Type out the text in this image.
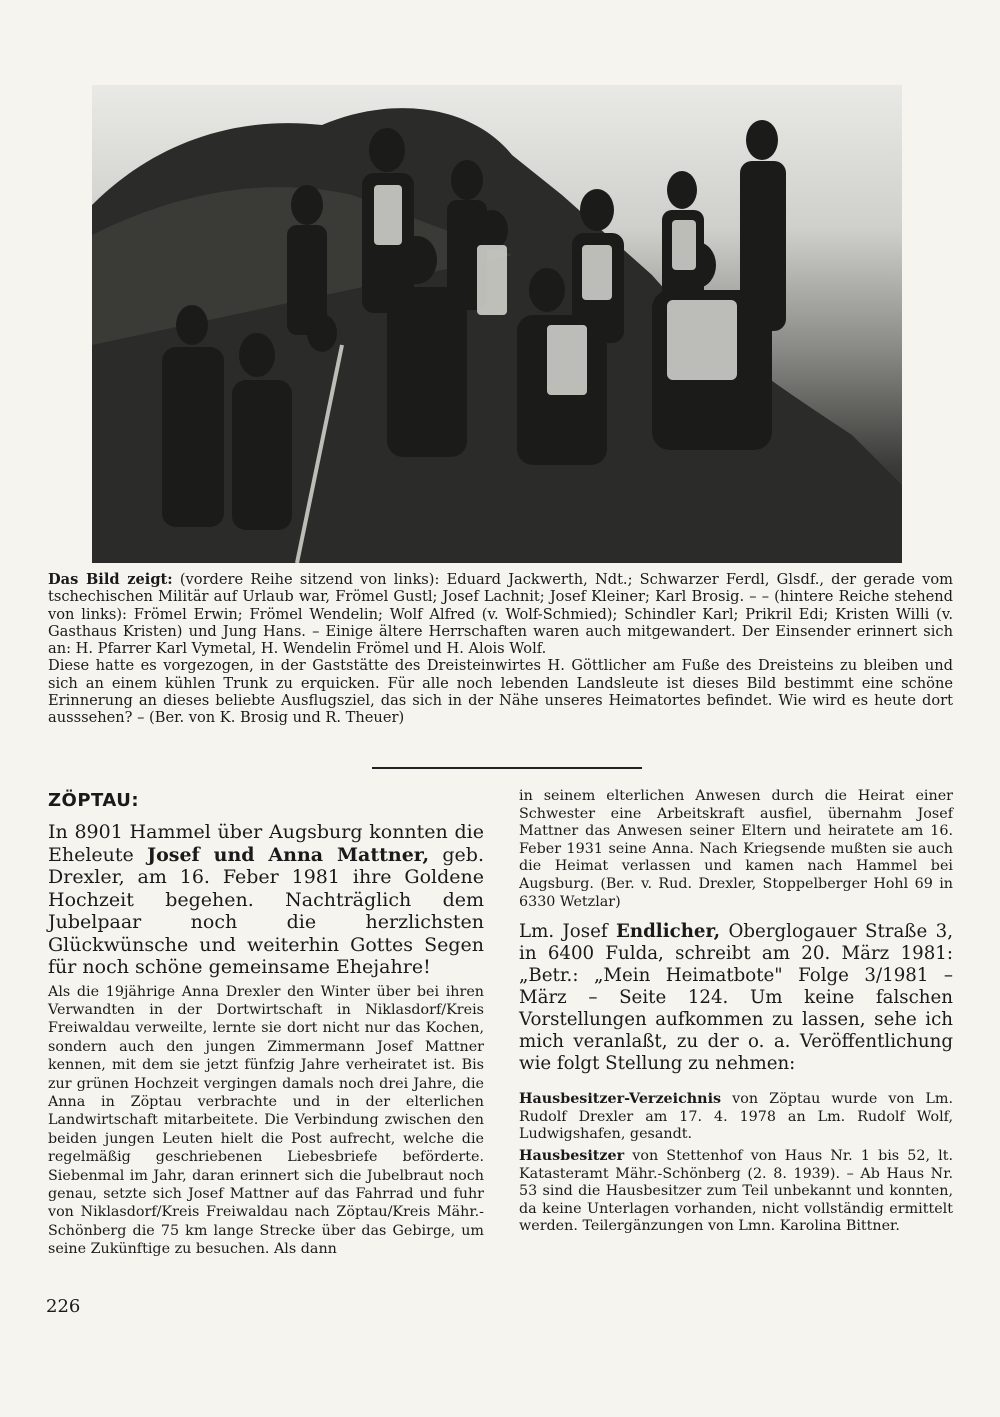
Das Bild zeigt: (vordere Reihe sitzend von links): Eduard Jackwerth, Ndt.; Schwarzer Ferdl, Glsdf., der gerade vom tschechischen Militär auf Urlaub war, Frömel Gustl; Josef Lachnit; Josef Kleiner; Karl Brosig. – – (hintere Reiche stehend von links): Frömel Erwin; Frömel Wendelin; Wolf Alfred (v. Wolf-Schmied); Schindler Karl; Prikril Edi; Kristen Willi (v. Gasthaus Kristen) und Jung Hans. – Einige ältere Herrschaften waren auch mitgewandert. Der Einsender erinnert sich an: H. Pfarrer Karl Vymetal, H. Wendelin Frömel und H. Alois Wolf.
Diese hatte es vorgezogen, in der Gaststätte des Dreisteinwirtes H. Göttlicher am Fuße des Dreisteins zu bleiben und sich an einem kühlen Trunk zu erquicken. Für alle noch lebenden Landsleute ist dieses Bild bestimmt eine schöne Erinnerung an dieses beliebte Ausflugsziel, das sich in der Nähe unseres Heimatortes befindet. Wie wird es heute dort ausssehen? – (Ber. von K. Brosig und R. Theuer)
ZÖPTAU:

In 8901 Hammel über Augsburg konnten die Eheleute Josef und Anna Mattner, geb. Drexler, am 16. Feber 1981 ihre Goldene Hochzeit begehen. Nachträglich dem Jubelpaar noch die herzlichsten Glückwünsche und weiterhin Gottes Segen für noch schöne gemeinsame Ehejahre!

Als die 19jährige Anna Drexler den Winter über bei ihren Verwandten in der Dortwirtschaft in Niklasdorf/Kreis Freiwaldau verweilte, lernte sie dort nicht nur das Kochen, sondern auch den jungen Zimmermann Josef Mattner kennen, mit dem sie jetzt fünfzig Jahre verheiratet ist. Bis zur grünen Hochzeit vergingen damals noch drei Jahre, die Anna in Zöptau verbrachte und in der elterlichen Landwirtschaft mitarbeitete. Die Verbindung zwischen den beiden jungen Leuten hielt die Post aufrecht, welche die regelmäßig geschriebenen Liebesbriefe beförderte. Siebenmal im Jahr, daran erinnert sich die Jubelbraut noch genau, setzte sich Josef Mattner auf das Fahrrad und fuhr von Niklasdorf/Kreis Freiwaldau nach Zöptau/Kreis Mähr.-Schönberg die 75 km lange Strecke über das Gebirge, um seine Zukünftige zu besuchen. Als dann

in seinem elterlichen Anwesen durch die Heirat einer Schwester eine Arbeitskraft ausfiel, übernahm Josef Mattner das Anwesen seiner Eltern und heiratete am 16. Feber 1931 seine Anna. Nach Kriegsende mußten sie auch die Heimat verlassen und kamen nach Hammel bei Augsburg. (Ber. v. Rud. Drexler, Stoppelberger Hohl 69 in 6330 Wetzlar)

Lm. Josef Endlicher, Oberglogauer Straße 3, in 6400 Fulda, schreibt am 20. März 1981: „Betr.: „Mein Heimatbote" Folge 3/1981 – März – Seite 124. Um keine falschen Vorstellungen aufkommen zu lassen, sehe ich mich veranlaßt, zu der o. a. Veröffentlichung wie folgt Stellung zu nehmen:

Hausbesitzer-Verzeichnis von Zöptau wurde von Lm. Rudolf Drexler am 17. 4. 1978 an Lm. Rudolf Wolf, Ludwigshafen, gesandt.

Hausbesitzer von Stettenhof von Haus Nr. 1 bis 52, lt. Katasteramt Mähr.-Schönberg (2. 8. 1939). – Ab Haus Nr. 53 sind die Hausbesitzer zum Teil unbekannt und konnten, da keine Unterlagen vorhanden, nicht vollständig ermittelt werden. Teilergänzungen von Lmn. Karolina Bittner.

226
